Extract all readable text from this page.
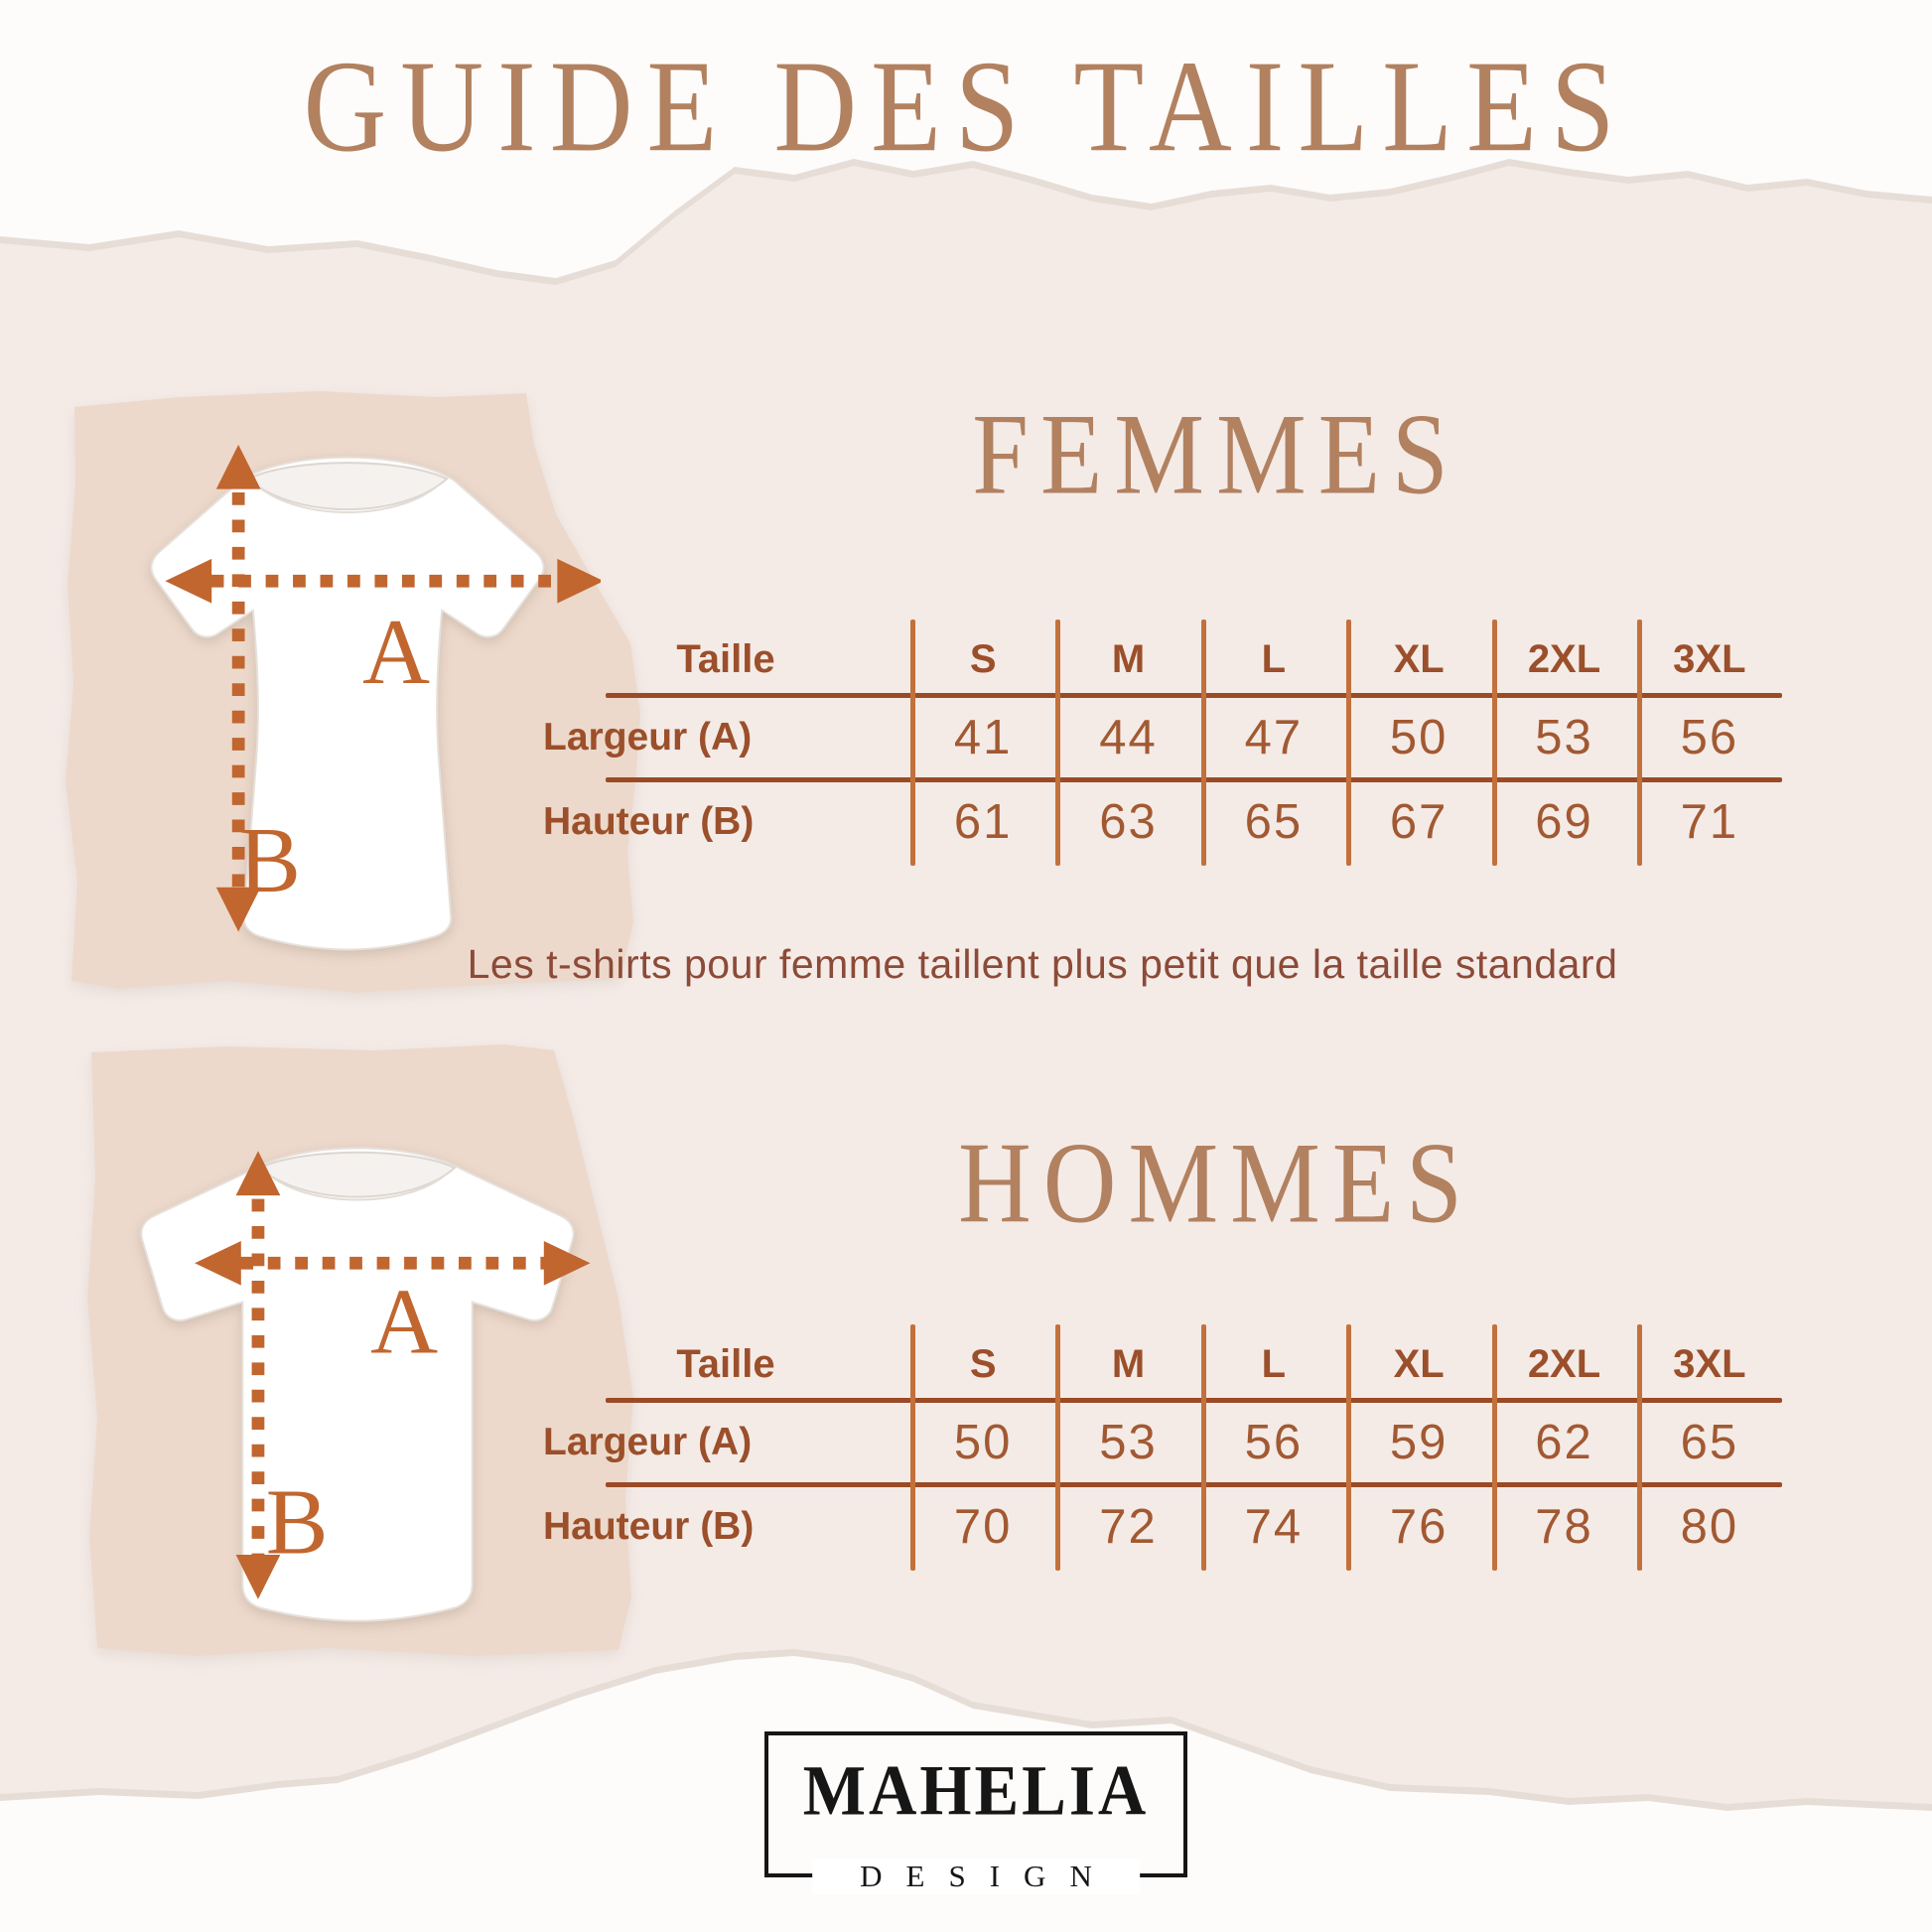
GUIDE DES TAILLES
A
B
FEMMES
Taille	S	M	L	XL	2XL	3XL
Largeur (A)	41	44	47	50	53	56
Hauteur (B)	61	63	65	67	69	71
Les t-shirts pour femme taillent plus petit que la taille standard
A
B
HOMMES
Taille	S	M	L	XL	2XL	3XL
Largeur (A)	50	53	56	59	62	65
Hauteur (B)	70	72	74	76	78	80
MAHELIA
DESIGN
